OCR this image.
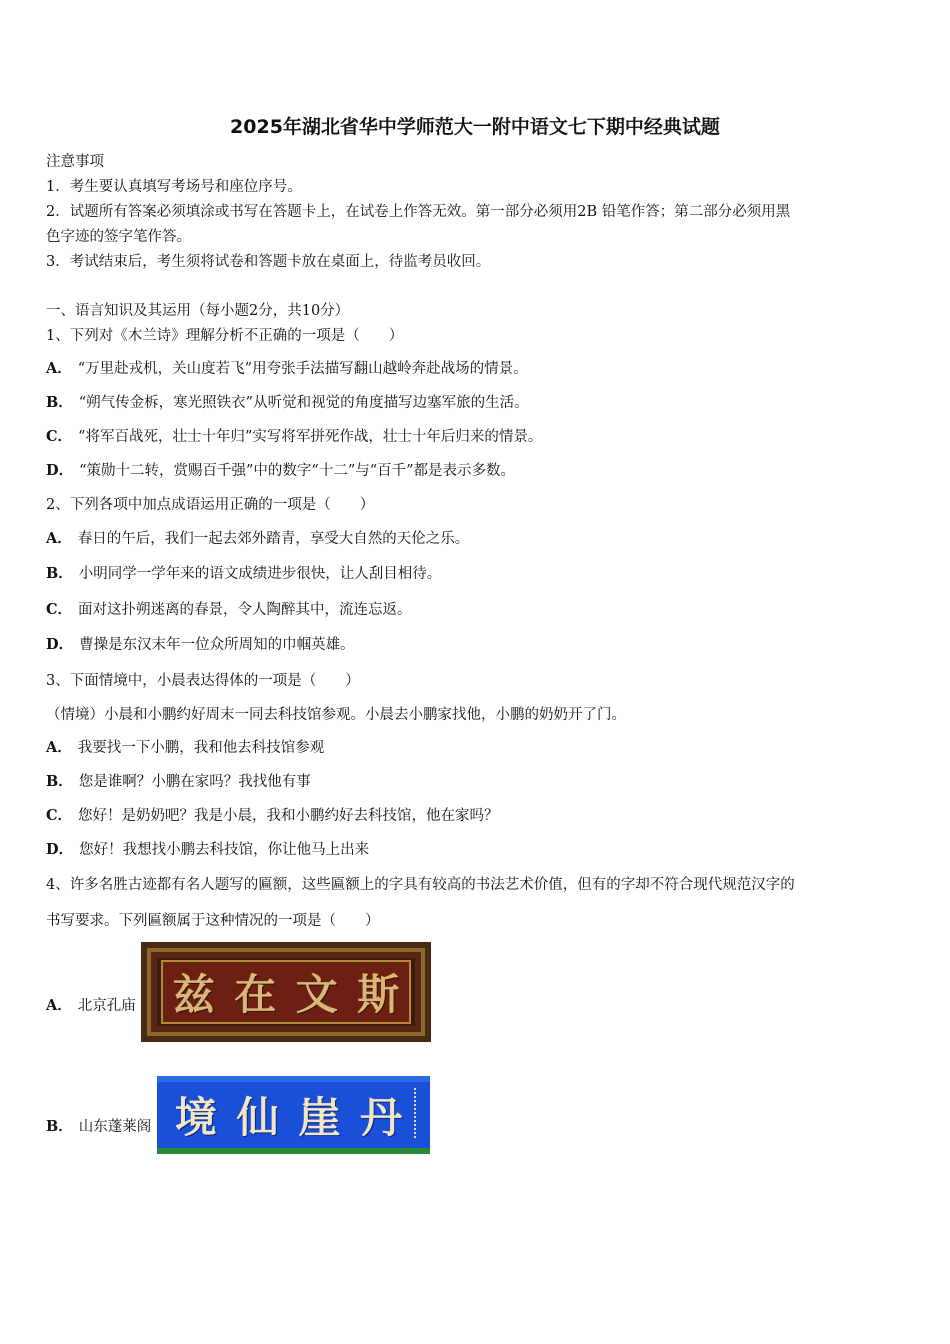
2025年湖北省华中学师范大一附中语文七下期中经典试题
注意事项
1．考生要认真填写考场号和座位序号。
2．试题所有答案必须填涂或书写在答题卡上，在试卷上作答无效。第一部分必须用2B 铅笔作答；第二部分必须用黑
色字迹的签字笔作答。
3．考试结束后，考生须将试卷和答题卡放在桌面上，待监考员收回。
一、语言知识及其运用（每小题2分，共10分）
1、下列对《木兰诗》理解分析不正确的一项是（　　）
A． “万里赴戎机，关山度若飞”用夸张手法描写翻山越岭奔赴战场的情景。
B． “朔气传金柝，寒光照铁衣”从听觉和视觉的角度描写边塞军旅的生活。
C． “将军百战死，壮士十年归”实写将军拼死作战，壮士十年后归来的情景。
D． “策勋十二转，赏赐百千强”中的数字“十二”与“百千”都是表示多数。
2、下列各项中加点成语运用正确的一项是（　　）
A． 春日的午后，我们一起去郊外踏青，享受大自然的天伦之乐。
B． 小明同学一学年来的语文成绩进步很快，让人刮目相待。
C． 面对这扑朔迷离的春景，令人陶醉其中，流连忘返。
D． 曹操是东汉末年一位众所周知的巾帼英雄。
3、下面情境中，小晨表达得体的一项是（　　）
（情境）小晨和小鹏约好周末一同去科技馆参观。小晨去小鹏家找他，小鹏的奶奶开了门。
A． 我要找一下小鹏，我和他去科技馆参观
B． 您是谁啊？小鹏在家吗？我找他有事
C． 您好！是奶奶吧？我是小晨，我和小鹏约好去科技馆，他在家吗？
D． 您好！我想找小鹏去科技馆，你让他马上出来
4、许多名胜古迹都有名人题写的匾额，这些匾额上的字具有较高的书法艺术价值，但有的字却不符合现代规范汉字的
书写要求。下列匾额属于这种情况的一项是（　　）
A． 北京孔庙 兹 在 文 斯
B． 山东蓬莱阁 境 仙 崖 丹
